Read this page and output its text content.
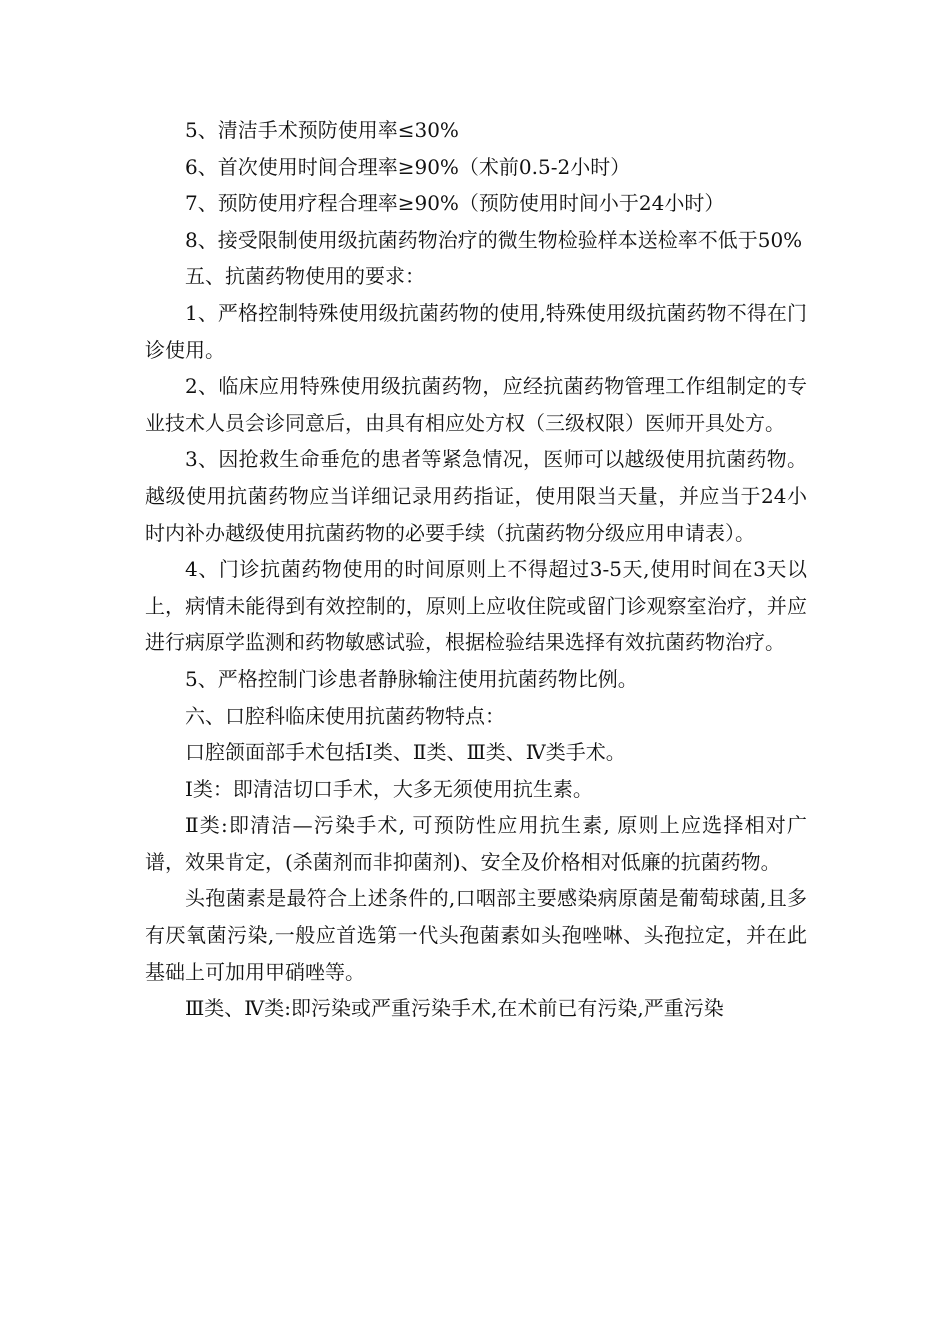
5、清洁手术预防使用率≤30%

6、首次使用时间合理率≥90%（术前0.5-2小时）

7、预防使用疗程合理率≥90%（预防使用时间小于24小时）

8、接受限制使用级抗菌药物治疗的微生物检验样本送检率不低于50%

五、抗菌药物使用的要求：

1、严格控制特殊使用级抗菌药物的使用,特殊使用级抗菌药物不得在门诊使用。

2、临床应用特殊使用级抗菌药物，应经抗菌药物管理工作组制定的专业技术人员会诊同意后，由具有相应处方权（三级权限）医师开具处方。

3、因抢救生命垂危的患者等紧急情况，医师可以越级使用抗菌药物。越级使用抗菌药物应当详细记录用药指证，使用限当天量，并应当于24小时内补办越级使用抗菌药物的必要手续（抗菌药物分级应用申请表）。

4、门诊抗菌药物使用的时间原则上不得超过3-5天,使用时间在3天以上，病情未能得到有效控制的，原则上应收住院或留门诊观察室治疗，并应进行病原学监测和药物敏感试验，根据检验结果选择有效抗菌药物治疗。

5、严格控制门诊患者静脉输注使用抗菌药物比例。

六、口腔科临床使用抗菌药物特点：

口腔颌面部手术包括Ⅰ类、Ⅱ类、Ⅲ类、Ⅳ类手术。

Ⅰ类：即清洁切口手术，大多无须使用抗生素。

Ⅱ类:即清洁—污染手术, 可预防性应用抗生素, 原则上应选择相对广谱，效果肯定，(杀菌剂而非抑菌剂)、安全及价格相对低廉的抗菌药物。

头孢菌素是最符合上述条件的,口咽部主要感染病原菌是葡萄球菌,且多有厌氧菌污染,一般应首选第一代头孢菌素如头孢唑啉、头孢拉定，并在此基础上可加用甲硝唑等。

Ⅲ类、Ⅳ类:即污染或严重污染手术,在术前已有污染,严重污染
